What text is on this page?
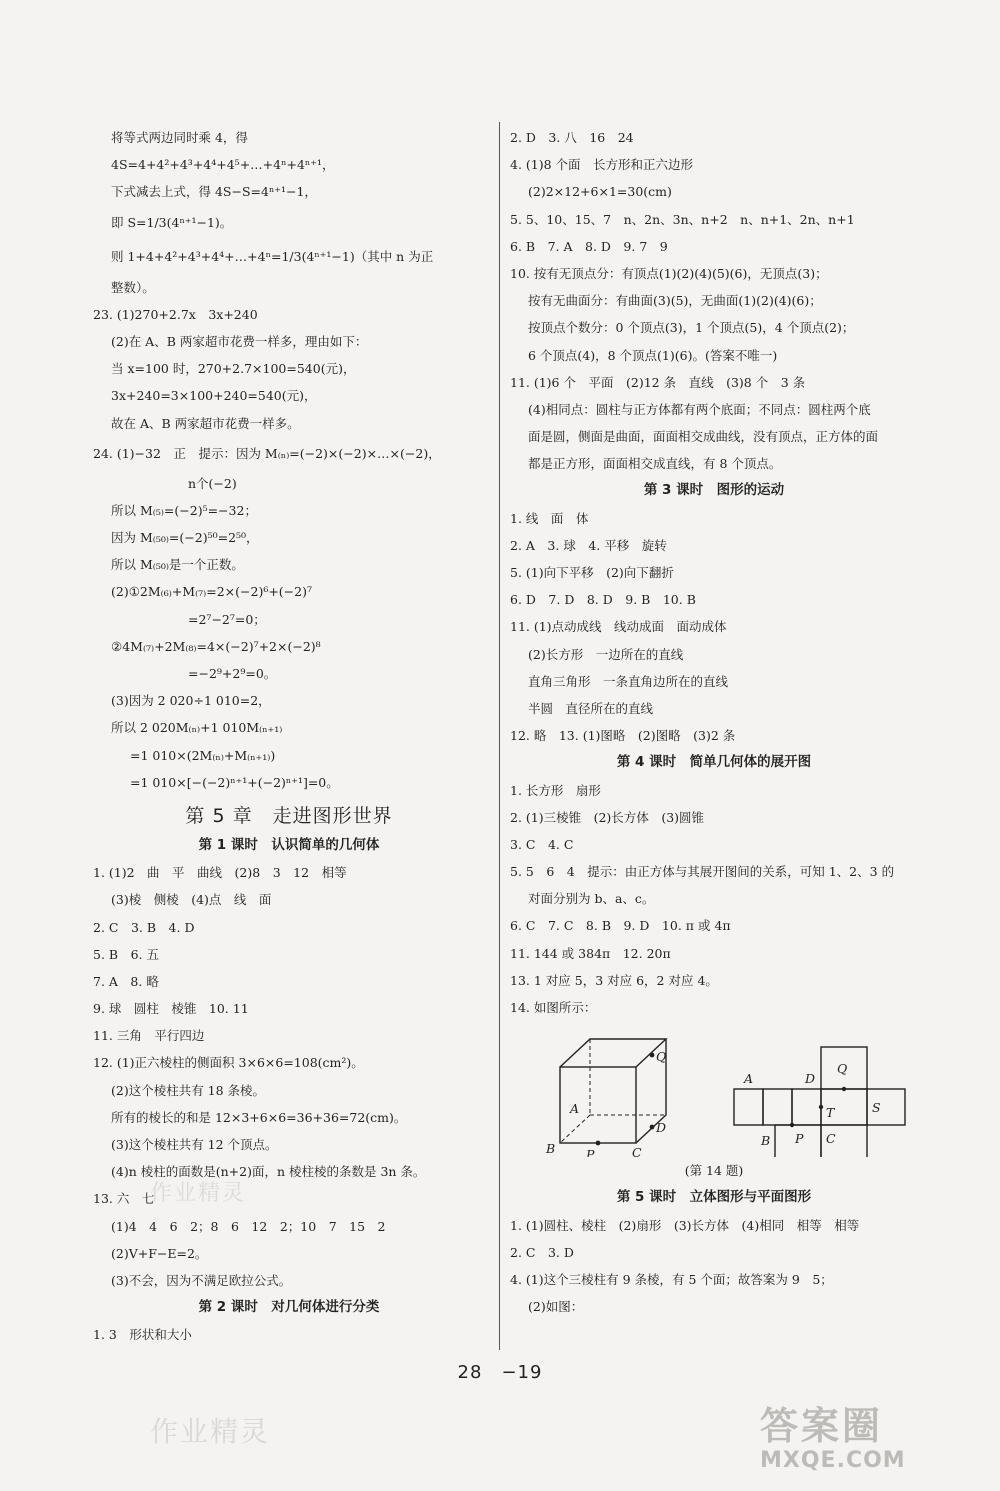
将等式两边同时乘 4，得
4S=4+4²+4³+4⁴+4⁵+…+4ⁿ+4ⁿ⁺¹，
下式减去上式，得 4S−S=4ⁿ⁺¹−1，
即 S=1/3(4ⁿ⁺¹−1)。
则 1+4+4²+4³+4⁴+…+4ⁿ=1/3(4ⁿ⁺¹−1)（其中 n 为正
整数）。
23. (1)270+2.7x　3x+240
(2)在 A、B 两家超市花费一样多，理由如下：
当 x=100 时，270+2.7×100=540(元)，
3x+240=3×100+240=540(元)，
故在 A、B 两家超市花费一样多。
24. (1)−32　正　提示：因为 M₍ₙ₎=(−2)×(−2)×…×(−2)，
n个(−2)
所以 M₍₅₎=(−2)⁵=−32；
因为 M₍₅₀₎=(−2)⁵⁰=2⁵⁰，
所以 M₍₅₀₎是一个正数。
(2)①2M₍₆₎+M₍₇₎=2×(−2)⁶+(−2)⁷
=2⁷−2⁷=0；
②4M₍₇₎+2M₍₈₎=4×(−2)⁷+2×(−2)⁸
=−2⁹+2⁹=0。
(3)因为 2 020÷1 010=2，
所以 2 020M₍ₙ₎+1 010M₍ₙ₊₁₎
=1 010×(2M₍ₙ₎+M₍ₙ₊₁₎)
=1 010×[−(−2)ⁿ⁺¹+(−2)ⁿ⁺¹]=0。
第 5 章　走进图形世界
第 1 课时　认识简单的几何体
1. (1)2　曲　平　曲线　(2)8　3　12　相等
(3)棱　侧棱　(4)点　线　面
2. C　3. B　4. D
5. B　6. 五
7. A　8. 略
9. 球　圆柱　棱锥　10. 11
11. 三角　平行四边
12. (1)正六棱柱的侧面积 3×6×6=108(cm²)。
(2)这个棱柱共有 18 条棱。
所有的棱长的和是 12×3+6×6=36+36=72(cm)。
(3)这个棱柱共有 12 个顶点。
(4)n 棱柱的面数是(n+2)面，n 棱柱棱的条数是 3n 条。
13. 六　七
(1)4　4　6　2；8　6　12　2；10　7　15　2
(2)V+F−E=2。
(3)不会，因为不满足欧拉公式。
第 2 课时　对几何体进行分类
1. 3　形状和大小
2. D　3. 八　16　24
4. (1)8 个面　长方形和正六边形
(2)2×12+6×1=30(cm)
5. 5、10、15、7　n、2n、3n、n+2　n、n+1、2n、n+1
6. B　7. A　8. D　9. 7　9
10. 按有无顶点分：有顶点(1)(2)(4)(5)(6)，无顶点(3)；
按有无曲面分：有曲面(3)(5)，无曲面(1)(2)(4)(6)；
按顶点个数分：0 个顶点(3)，1 个顶点(5)，4 个顶点(2)；
6 个顶点(4)，8 个顶点(1)(6)。(答案不唯一)
11. (1)6 个　平面　(2)12 条　直线　(3)8 个　3 条
(4)相同点：圆柱与正方体都有两个底面；不同点：圆柱两个底
面是圆，侧面是曲面，面面相交成曲线，没有顶点，正方体的面
都是正方形，面面相交成直线，有 8 个顶点。
第 3 课时　图形的运动
1. 线　面　体
2. A　3. 球　4. 平移　旋转
5. (1)向下平移　(2)向下翻折
6. D　7. D　8. D　9. B　10. B
11. (1)点动成线　线动成面　面动成体
(2)长方形　一边所在的直线
直角三角形　一条直角边所在的直线
半圆　直径所在的直线
12. 略　13. (1)图略　(2)图略　(3)2 条
第 4 课时　简单几何体的展开图
1. 长方形　扇形
2. (1)三棱锥　(2)长方体　(3)圆锥
3. C　4. C
5. 5　6　4　提示：由正方体与其展开图间的关系，可知 1、2、3 的
对面分别为 b、a、c。
6. C　7. C　8. B　9. D　10. π 或 4π
11. 144 或 384π　12. 20π
13. 1 对应 5，3 对应 6，2 对应 4。
14. 如图所示：
A
B	C
P
Q
D
A	D
Q
T	S
B P C
(第 14 题)
第 5 课时　立体图形与平面图形
1. (1)圆柱、棱柱　(2)扇形　(3)长方体　(4)相同　相等　相等
2. C　3. D
4. (1)这个三棱柱有 9 条棱，有 5 个面；故答案为 9　5；
(2)如图：
28　−19
作业精灵
作业精灵	答案圈
MXQE.COM
